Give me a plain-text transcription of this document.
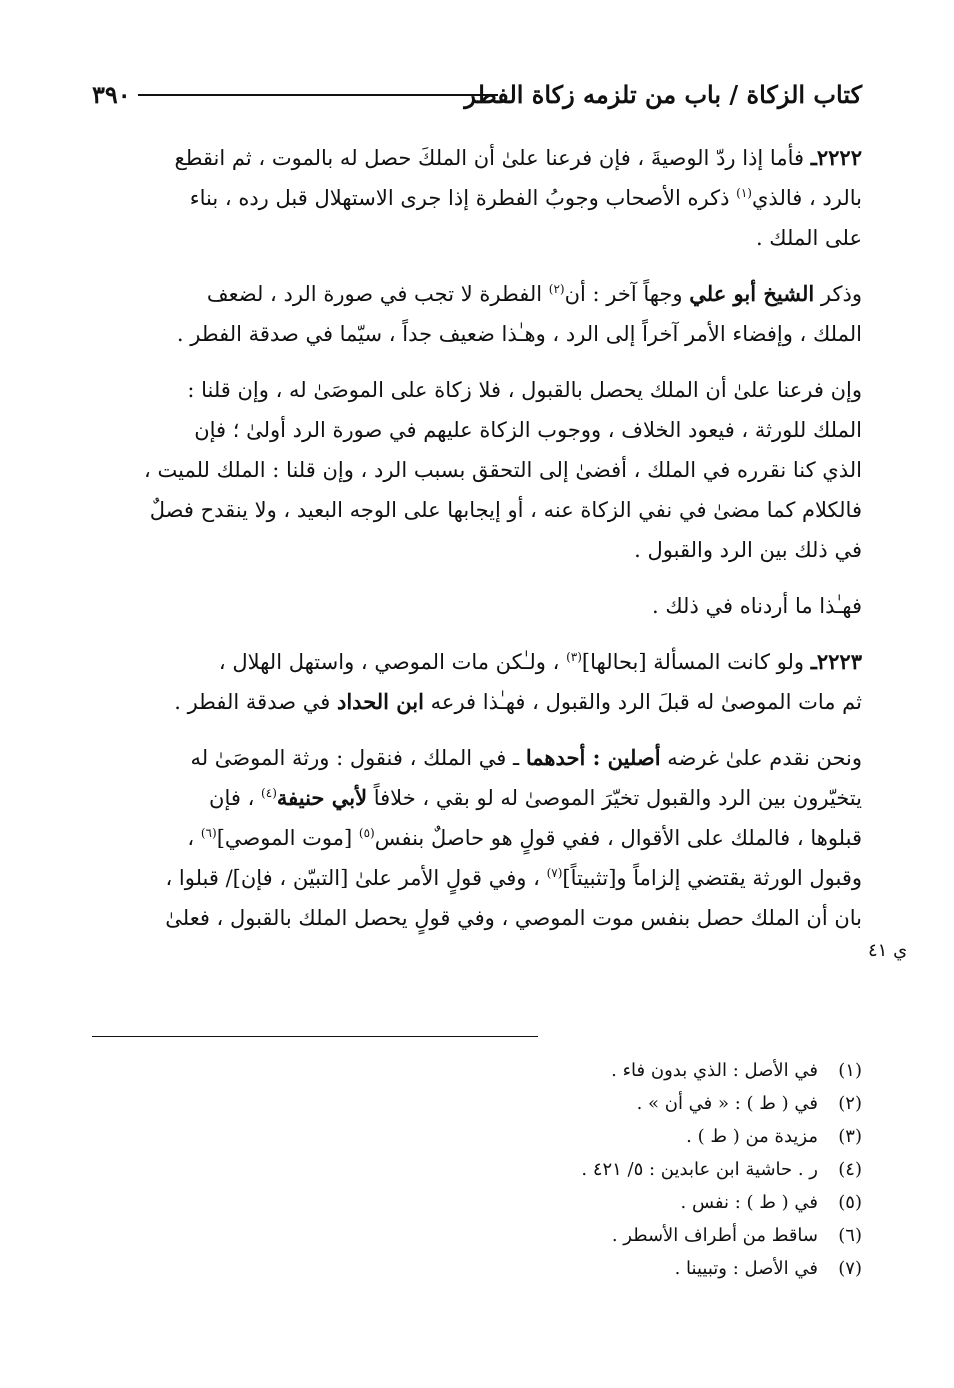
٣٩٠	كتاب الزكاة / باب من تلزمه زكاة الفطر

٢٢٢٢ـ فأما إذا ردّ الوصيةَ ، فإن فرعنا علىٰ أن الملكَ حصل له بالموت ، ثم انقطع

بالرد ، فالذي$^{(١)}$ ذكره الأصحاب وجوبُ الفطرة إذا جرى الاستهلال قبل رده ، بناء

على الملك .

وذكر الشيخ أبو علي وجهاً آخر : أن$^{(٢)}$ الفطرة لا تجب في صورة الرد ، لضعف

الملك ، وإفضاء الأمر آخراً إلى الرد ، وهـٰذا ضعيف جداً ، سيّما في صدقة الفطر .

وإن فرعنا علىٰ أن الملك يحصل بالقبول ، فلا زكاة على الموصَىٰ له ، وإن قلنا :

الملك للورثة ، فيعود الخلاف ، ووجوب الزكاة عليهم في صورة الرد أولىٰ ؛ فإن

الذي كنا نقرره في الملك ، أفضىٰ إلى التحقق بسبب الرد ، وإن قلنا : الملك للميت ،

فالكلام كما مضىٰ في نفي الزكاة عنه ، أو إيجابها على الوجه البعيد ، ولا ينقدح فصلٌ

في ذلك بين الرد والقبول .

فهـٰذا ما أردناه في ذلك .

٢٢٢٣ـ ولو كانت المسألة [بحالها]$^{(٣)}$ ، ولـٰكن مات الموصي ، واستهل الهلال ،

ثم مات الموصىٰ له قبلَ الرد والقبول ، فهـٰذا فرعه ابن الحداد في صدقة الفطر .

ونحن نقدم علىٰ غرضه أصلين : أحدهما ـ في الملك ، فنقول : ورثة الموصَىٰ له

يتخيّرون بين الرد والقبول تخيّرَ الموصىٰ له لو بقي ، خلافاً لأبي حنيفة$^{(٤)}$ ، فإن

قبلوها ، فالملك على الأقوال ، ففي قولٍ هو حاصلٌ بنفس$^{(٥)}$ [موت الموصي]$^{(٦)}$ ،

وقبول الورثة يقتضي إلزاماً و[تثبيتاً]$^{(٧)}$ ، وفي قولٍ الأمر علىٰ [التبيّن ، فإن]/ قبلوا ،

بان أن الملك حصل بنفس موت الموصي ، وفي قولٍ يحصل الملك بالقبول ، فعلىٰ

ي ٤١
(١)
في الأصل : الذي بدون فاء .
(٢)
في ( ط ) : « في أن » .
(٣)
مزيدة من ( ط ) .
(٤)
ر . حاشية ابن عابدين : ٥/ ٤٢١ .
(٥)
في ( ط ) : نفس .
(٦)
ساقط من أطراف الأسطر .
(٧)
في الأصل : وتبيينا .
